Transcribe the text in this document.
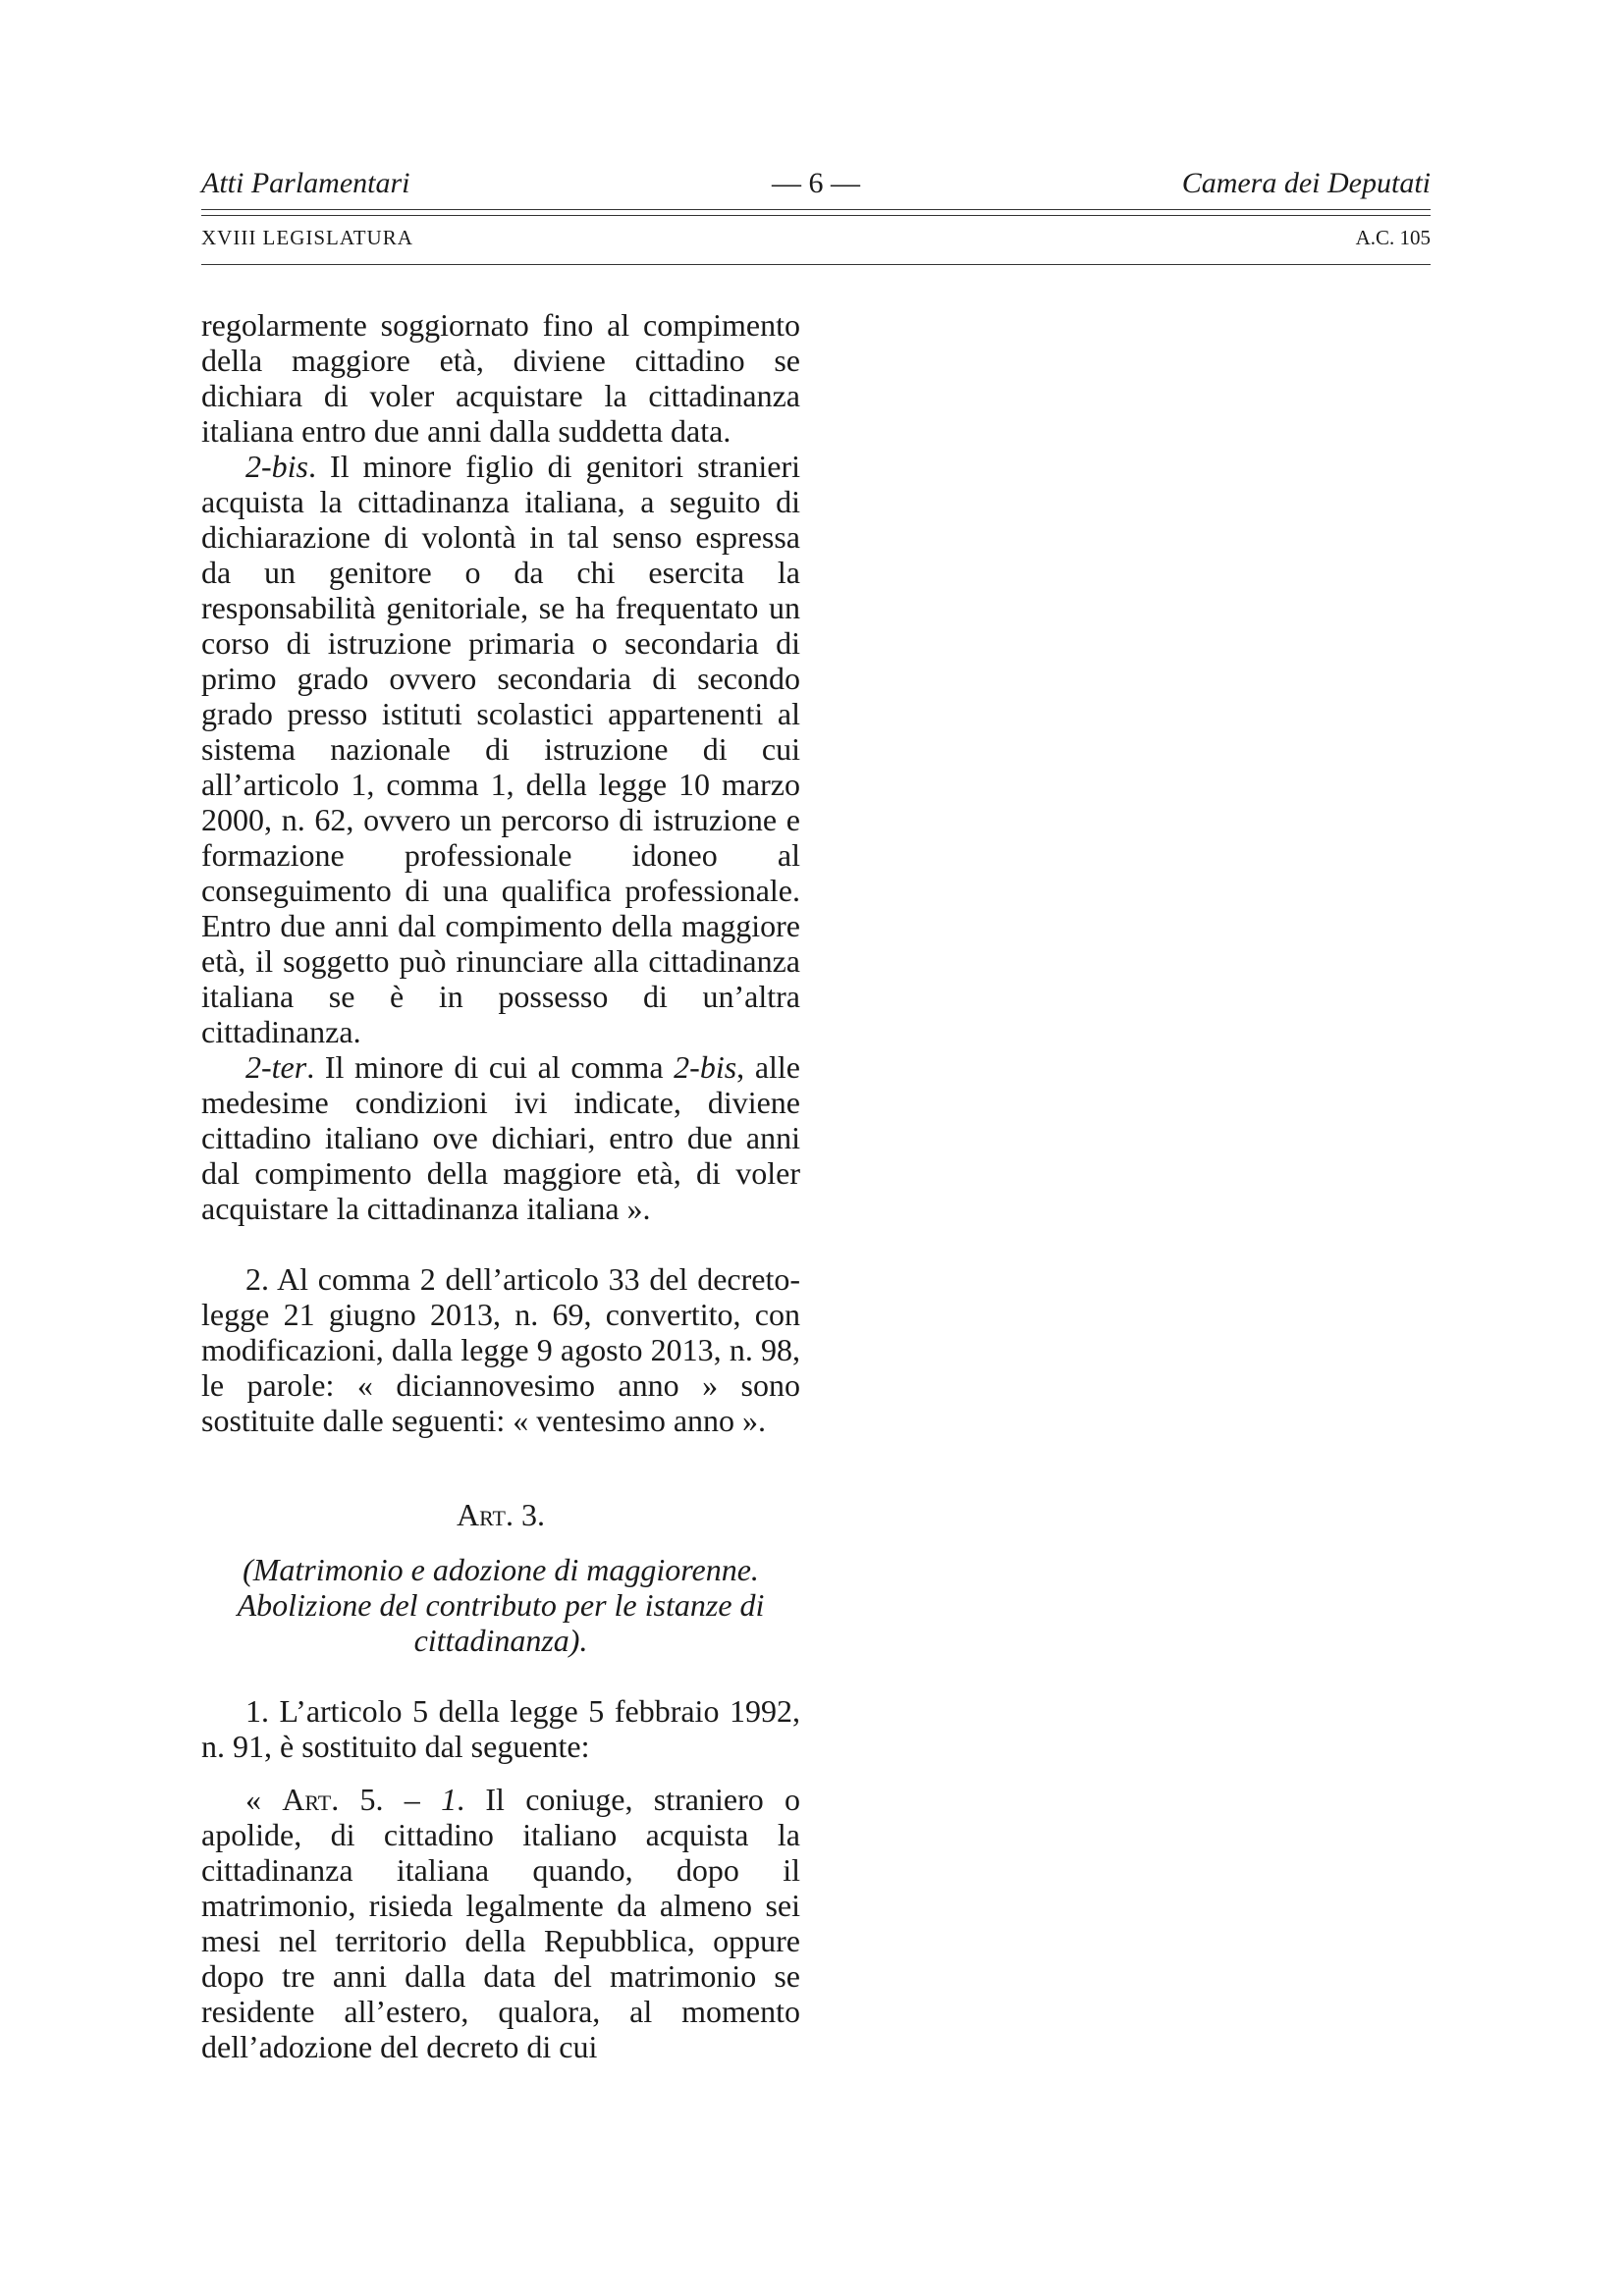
Atti Parlamentari	— 6 —	Camera dei Deputati
XVIII LEGISLATURA	A.C. 105

regolarmente soggiornato fino al compimento della maggiore età, diviene cittadino se dichiara di voler acquistare la cittadinanza italiana entro due anni dalla suddetta data.

2-bis. Il minore figlio di genitori stranieri acquista la cittadinanza italiana, a seguito di dichiarazione di volontà in tal senso espressa da un genitore o da chi esercita la responsabilità genitoriale, se ha frequentato un corso di istruzione primaria o secondaria di primo grado ovvero secondaria di secondo grado presso istituti scolastici appartenenti al sistema nazionale di istruzione di cui all’articolo 1, comma 1, della legge 10 marzo 2000, n. 62, ovvero un percorso di istruzione e formazione professionale idoneo al conseguimento di una qualifica professionale. Entro due anni dal compimento della maggiore età, il soggetto può rinunciare alla cittadinanza italiana se è in possesso di un’altra cittadinanza.

2-ter. Il minore di cui al comma 2-bis, alle medesime condizioni ivi indicate, diviene cittadino italiano ove dichiari, entro due anni dal compimento della maggiore età, di voler acquistare la cittadinanza italiana ».

2. Al comma 2 dell’articolo 33 del decreto-legge 21 giugno 2013, n. 69, convertito, con modificazioni, dalla legge 9 agosto 2013, n. 98, le parole: « diciannovesimo anno » sono sostituite dalle seguenti: « ventesimo anno ».

Art. 3.

(Matrimonio e adozione di maggiorenne. Abolizione del contributo per le istanze di cittadinanza).

1. L’articolo 5 della legge 5 febbraio 1992, n. 91, è sostituito dal seguente:

« Art. 5. – 1. Il coniuge, straniero o apolide, di cittadino italiano acquista la cittadinanza italiana quando, dopo il matrimonio, risieda legalmente da almeno sei mesi nel territorio della Repubblica, oppure dopo tre anni dalla data del matrimonio se residente all’estero, qualora, al momento dell’adozione del decreto di cui
